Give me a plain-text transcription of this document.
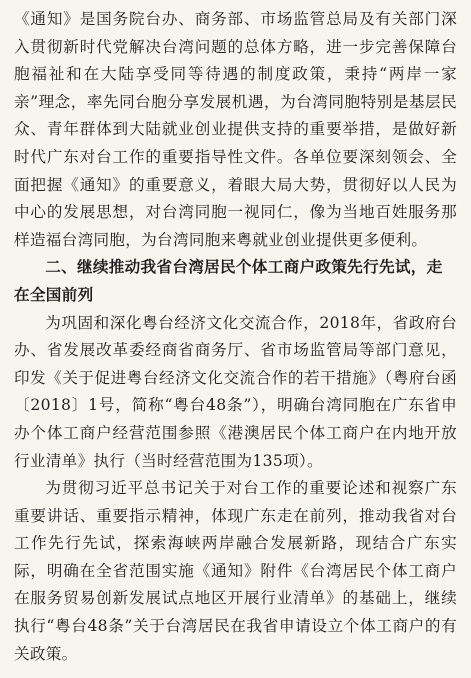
《通知》是国务院台办、商务部、市场监管总局及有关部门深入贯彻新时代党解决台湾问题的总体方略，进一步完善保障台胞福祉和在大陆享受同等待遇的制度政策，秉持“两岸一家亲”理念，率先同台胞分享发展机遇，为台湾同胞特别是基层民众、青年群体到大陆就业创业提供支持的重要举措，是做好新时代广东对台工作的重要指导性文件。各单位要深刻领会、全面把握《通知》的重要意义，着眼大局大势，贯彻好以人民为中心的发展思想，对台湾同胞一视同仁，像为当地百姓服务那样造福台湾同胞，为台湾同胞来粤就业创业提供更多便利。

二、继续推动我省台湾居民个体工商户政策先行先试，走在全国前列

为巩固和深化粤台经济文化交流合作，2018年，省政府台办、省发展改革委经商省商务厅、省市场监管局等部门意见，印发《关于促进粤台经济文化交流合作的若干措施》（粤府台函〔2018〕1号，简称“粤台48条”），明确台湾同胞在广东省申办个体工商户经营范围参照《港澳居民个体工商户在内地开放行业清单》执行（当时经营范围为135项）。

为贯彻习近平总书记关于对台工作的重要论述和视察广东重要讲话、重要指示精神，体现广东走在前列，推动我省对台工作先行先试，探索海峡两岸融合发展新路，现结合广东实际，明确在全省范围实施《通知》附件《台湾居民个体工商户在服务贸易创新发展试点地区开展行业清单》的基础上，继续执行“粤台48条”关于台湾居民在我省申请设立个体工商户的有关政策。
